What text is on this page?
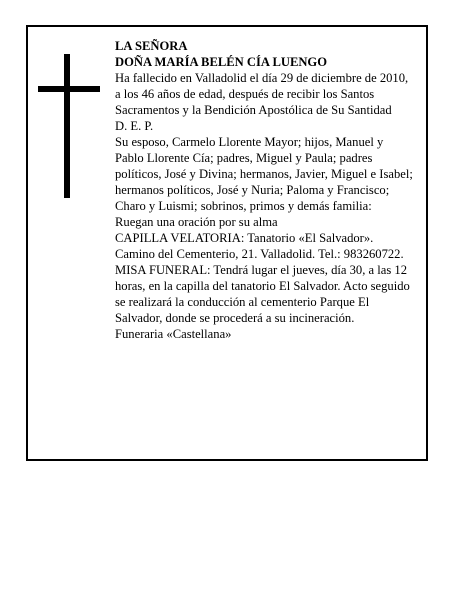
LA SEÑORA

DOÑA MARÍA BELÉN CÍA LUENGO

Ha fallecido en Valladolid el día 29 de diciembre de 2010, a los 46 años de edad, después de recibir los Santos Sacramentos y la Bendición Apostólica de Su Santidad

D. E. P.

Su esposo, Carmelo Llorente Mayor; hijos, Manuel y Pablo Llorente Cía; padres, Miguel y Paula; padres políticos, José y Divina; hermanos, Javier, Miguel e Isabel; hermanos políticos, José y Nuria; Paloma y Francisco; Charo y Luismi; sobrinos, primos y demás familia:

Ruegan una oración por su alma

CAPILLA VELATORIA: Tanatorio «El Salvador». Camino del Cementerio, 21. Valladolid. Tel.: 983260722.

MISA FUNERAL: Tendrá lugar el jueves, día 30, a las 12 horas, en la capilla del tanatorio El Salvador. Acto seguido se realizará la conducción al cementerio Parque El Salvador, donde se procederá a su incineración.

Funeraria «Castellana»
